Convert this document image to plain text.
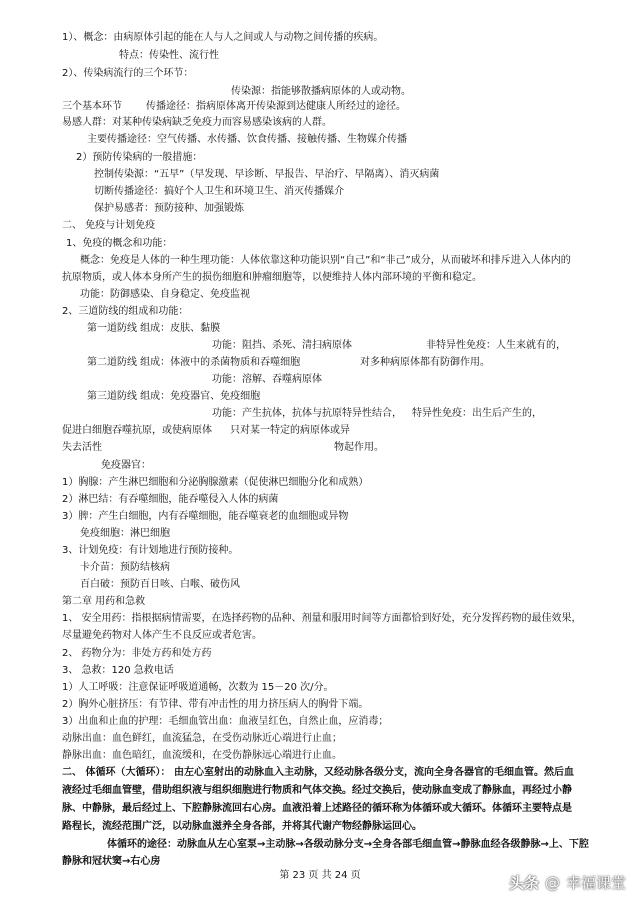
1）、概念：由病原体引起的能在人与人之间或人与动物之间传播的疾病。
特点：传染性、流行性
2）、传染病流行的三个环节：
传染源：指能够散播病原体的人或动物。
三个基本环节 传播途径：指病原体离开传染源到达健康人所经过的途径。
易感人群：对某种传染病缺乏免疫力而容易感染该病的人群。
主要传播途径：空气传播、水传播、饮食传播、接触传播、生物媒介传播
2）预防传染病的一般措施：
控制传染源：“五早”（早发现、早诊断、早报告、早治疗、早隔离）、消灭病菌
切断传播途径：搞好个人卫生和环境卫生、消灭传播媒介
保护易感者：预防接种、加强锻炼
二、 免疫与计划免疫
1、免疫的概念和功能：
概念：免疫是人体的一种生理功能：人体依靠这种功能识别“自己”和“非己”成分，从而破坏和排斥进入人体内的
抗原物质，或人体本身所产生的损伤细胞和肿瘤细胞等，以便维持人体内部环境的平衡和稳定。
功能：防御感染、自身稳定、免疫监视
2、三道防线的组成和功能：
第一道防线 组成：皮肤、黏膜
功能：阻挡、杀死、清扫病原体	非特异性免疫：人生来就有的，
第二道防线 组成：体液中的杀菌物质和吞噬细胞	对多种病原体都有防御作用。
功能：溶解、吞噬病原体
第三道防线 组成：免疫器官、免疫细胞
功能：产生抗体，抗体与抗原特异性结合， 特异性免疫：出生后产生的，
促进白细胞吞噬抗原，或使病原体 只对某一特定的病原体或异
失去活性	物起作用。
免疫器官：
1）胸腺：产生淋巴细胞和分泌胸腺激素（促使淋巴细胞分化和成熟）
2）淋巴结：有吞噬细胞，能吞噬侵入人体的病菌
3）脾：产生白细胞，内有吞噬细胞，能吞噬衰老的血细胞或异物
免疫细胞：淋巴细胞
3、计划免疫：有计划地进行预防接种。
卡介苗：预防结核病
百白破：预防百日咳、白喉、破伤风
第二章 用药和急救
1、 安全用药：指根据病情需要，在选择药物的品种、剂量和服用时间等方面都恰到好处，充分发挥药物的最佳效果，
尽量避免药物对人体产生不良反应或者危害。
2、 药物分为：非处方药和处方药
3、 急救：120 急救电话
1）人工呼吸：注意保证呼吸道通畅，次数为 15－20 次/分。
2）胸外心脏挤压：有节律、带有冲击性的用力挤压病人的胸骨下端。
3）出血和止血的护理：毛细血管出血：血液呈红色，自然止血，应消毒；
动脉出血：血色鲜红，血流猛急，在受伤动脉近心端进行止血；
静脉出血：血色暗红，血流缓和，在受伤静脉远心端进行止血。
二、 体循环（大循环）： 由左心室射出的动脉血入主动脉，又经动脉各级分支，流向全身各器官的毛细血管。然后血
液经过毛细血管壁，借助组织液与组织细胞进行物质和气体交换。经过交换后，使动脉血变成了静脉血，再经过小静
脉、中静脉，最后经过上、下腔静脉流回右心房。血液沿着上述路径的循环称为体循环或大循环。体循环主要特点是
路程长，流经范围广泛，以动脉血滋养全身各部，并将其代谢产物经静脉运回心。
体循环的途径：动脉血从左心室泵→主动脉→各级动脉分支→全身各部毛细血管→静脉血经各级静脉→上、下腔
静脉和冠状窦→右心房
第 23 页 共 24 页	头条 @ 幸福课堂
